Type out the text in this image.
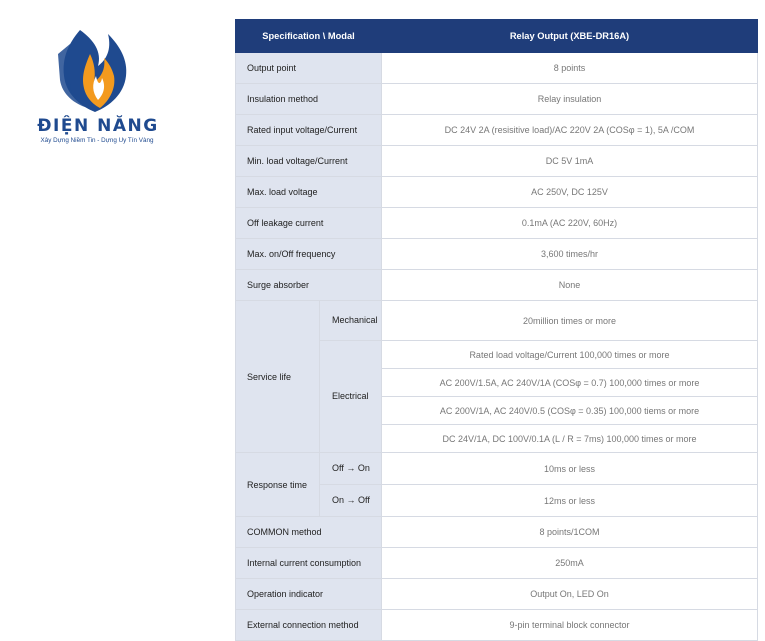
ĐIỆN NĂNG
Xây Dựng Niềm Tin - Dựng Uy Tín Vàng
Specification \ Modal		Relay Output (XBE-DR16A)
Output point		8 points
Insulation method		Relay insulation
Rated input voltage/Current		DC 24V 2A (resisitive load)/AC 220V 2A (COSφ = 1), 5A /COM
Min. load voltage/Current		DC 5V 1mA
Max. load voltage		AC 250V, DC 125V
Off leakage current		0.1mA (AC 220V, 60Hz)
Max. on/Off frequency		3,600 times/hr
Surge absorber		None
Service life	Mechanical	20million times or more
	Electrical	Rated load voltage/Current 100,000 times or more
		AC 200V/1.5A, AC 240V/1A (COSφ = 0.7) 100,000 times or more
		AC 200V/1A, AC 240V/0.5 (COSφ = 0.35) 100,000 tiems or more
		DC 24V/1A, DC 100V/0.1A (L / R = 7ms) 100,000 times or more
Response time	Off → On	10ms or less
	On → Off	12ms or less
COMMON method		8 points/1COM
Internal current consumption		250mA
Operation indicator		Output On, LED On
External connection method		9-pin terminal block connector
